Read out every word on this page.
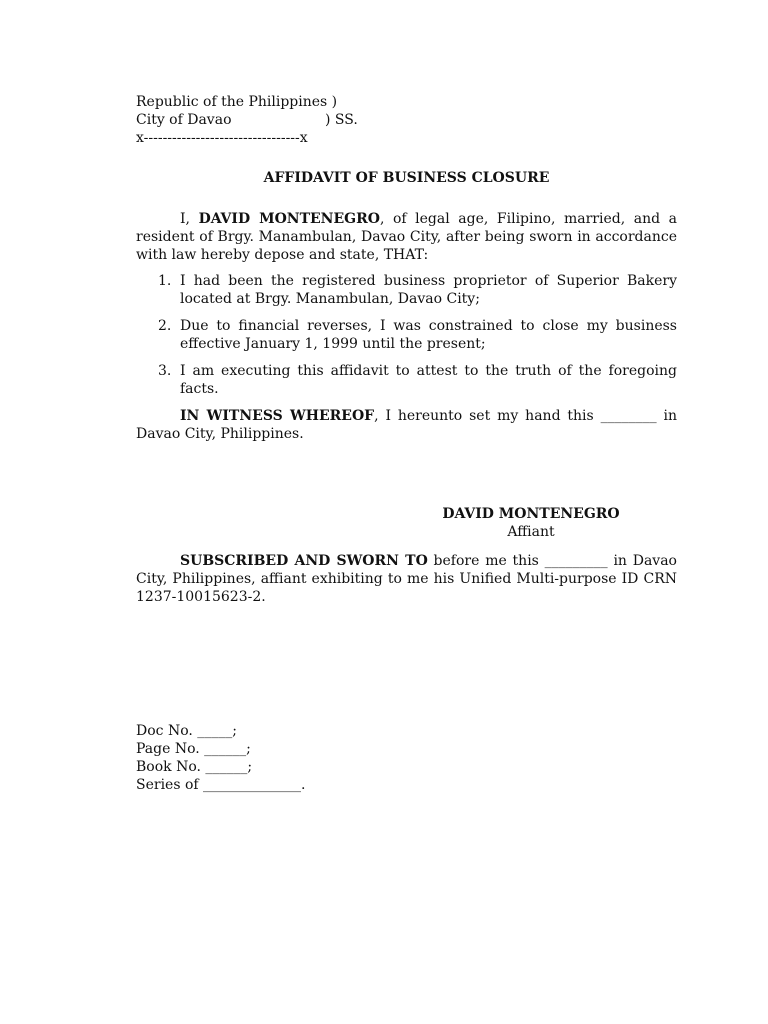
Republic of the Philippines )
City of Davao	) SS.
x---------------------------------x
AFFIDAVIT OF BUSINESS CLOSURE

I, DAVID MONTENEGRO, of legal age, Filipino, married, and a resident of Brgy. Manambulan, Davao City, after being sworn in accordance with law hereby depose and state, THAT:

1. I had been the registered business proprietor of Superior Bakery located at Brgy. Manambulan, Davao City;
2. Due to financial reverses, I was constrained to close my business effective January 1, 1999 until the present;
3. I am executing this affidavit to attest to the truth of the foregoing facts.

IN WITNESS WHEREOF, I hereunto set my hand this ________ in Davao City, Philippines.

DAVID MONTENEGRO
Affiant

SUBSCRIBED AND SWORN TO before me this _________ in Davao City, Philippines, affiant exhibiting to me his Unified Multi-purpose ID CRN 1237-10015623-2.

Doc No. _____;
Page No. ______;
Book No. ______;
Series of ______________.
